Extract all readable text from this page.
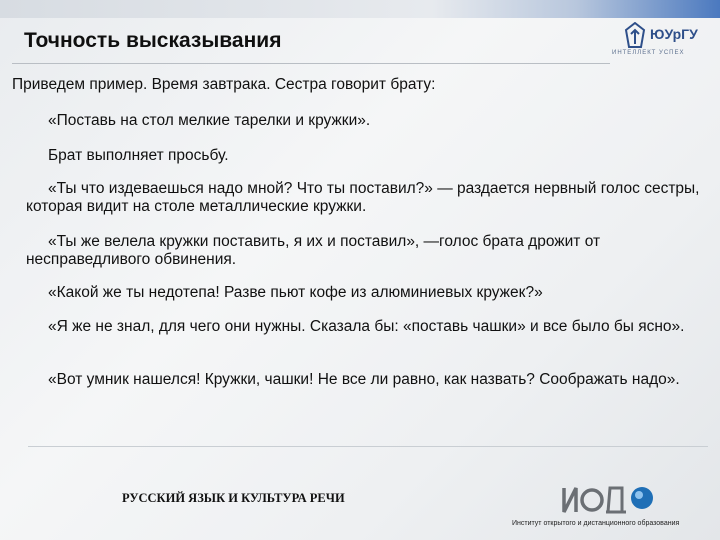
Точность высказывания	ЮУрГУ
ИНТЕЛЛЕКТ УСПЕХ

Приведем пример. Время завтрака. Сестра говорит брату:

«Поставь на стол мелкие тарелки и кружки».

Брат выполняет просьбу.

«Ты что издеваешься надо мной? Что ты поставил?» — раздается нервный голос сестры, которая видит на столе металлические кружки.

«Ты же велела кружки поставить, я их и поставил», —голос брата дрожит от несправедливого обвинения.

«Какой же ты недотепа! Разве пьют кофе из алюминиевых кружек?»

«Я же не знал, для чего они нужны. Сказала бы: «поставь чашки» и все было бы ясно».

«Вот умник нашелся! Кружки, чашки! Не все ли равно, как назвать? Соображать надо».

РУССКИЙ ЯЗЫК И КУЛЬТУРА РЕЧИ
Институт открытого и дистанционного образования
